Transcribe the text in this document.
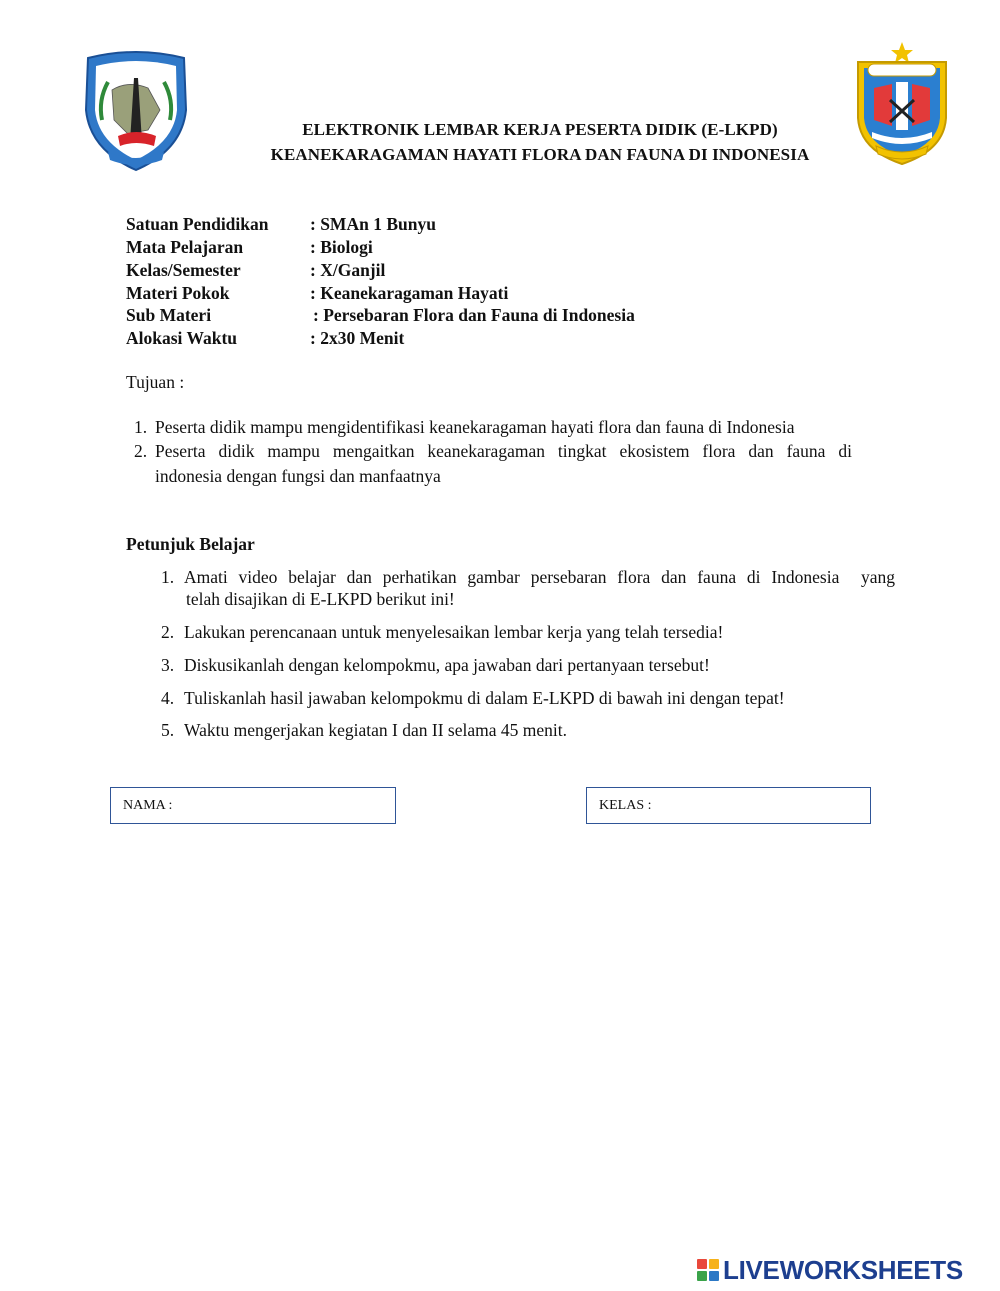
ELEKTRONIK LEMBAR KERJA PESERTA DIDIK (E-LKPD)
KEANEKARAGAMAN HAYATI FLORA DAN FAUNA DI INDONESIA
Satuan Pendidikan : SMAn 1 Bunyu
Mata Pelajaran	: Biologi
Kelas/Semester	: X/Ganjil
Materi Pokok	: Keanekaragaman Hayati
Sub Materi	: Persebaran Flora dan Fauna di Indonesia
Alokasi Waktu	: 2x30 Menit
Tujuan :
1. Peserta didik mampu mengidentifikasi keanekaragaman hayati flora dan fauna di Indonesia
2. Peserta didik mampu mengaitkan keanekaragaman tingkat ekosistem flora dan fauna di
indonesia dengan fungsi dan manfaatnya
Petunjuk Belajar
1. Amati video belajar dan perhatikan gambar persebaran flora dan fauna di Indonesia  yang
telah disajikan di E-LKPD berikut ini!
2. Lakukan perencanaan untuk menyelesaikan lembar kerja yang telah tersedia!
3. Diskusikanlah dengan kelompokmu, apa jawaban dari pertanyaan tersebut!
4. Tuliskanlah hasil jawaban kelompokmu di dalam E-LKPD di bawah ini dengan tepat!
5. Waktu mengerjakan kegiatan I dan II selama 45 menit.
NAMA :	KELAS :
LIVEWORKSHEETS
